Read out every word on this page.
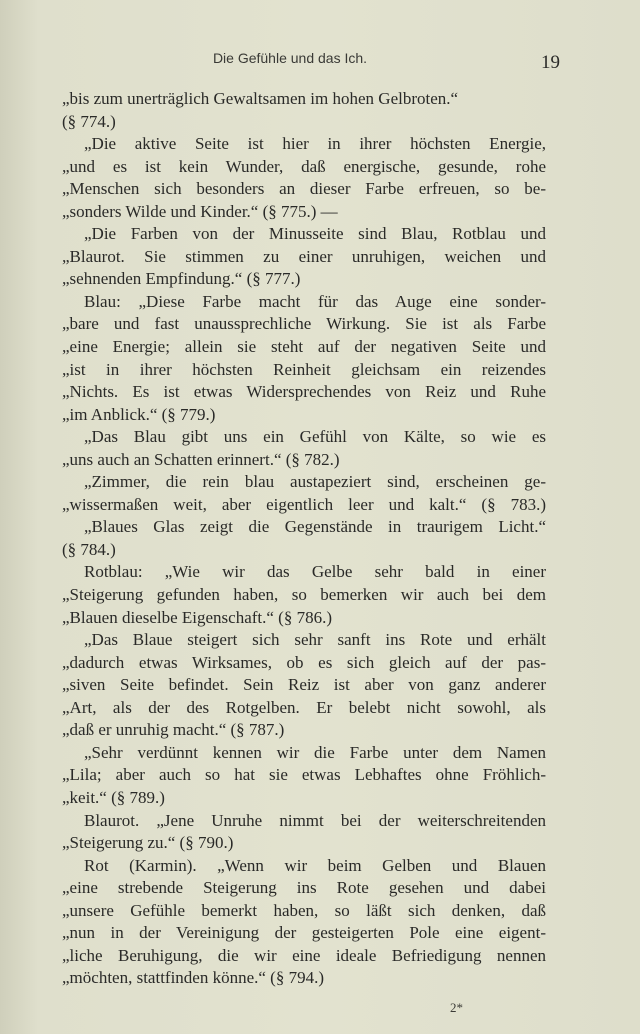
Die Gefühle und das Ich.	19
„bis zum unerträglich Gewaltsamen im hohen Gelbroten.“
(§ 774.)
„Die aktive Seite ist hier in ihrer höchsten Energie,
„und es ist kein Wunder, daß energische, gesunde, rohe
„Menschen sich besonders an dieser Farbe erfreuen, so be-
„sonders Wilde und Kinder.“ (§ 775.) —
„Die Farben von der Minusseite sind Blau, Rotblau und
„Blaurot. Sie stimmen zu einer unruhigen, weichen und
„sehnenden Empfindung.“ (§ 777.)
Blau: „Diese Farbe macht für das Auge eine sonder-
„bare und fast unaussprechliche Wirkung. Sie ist als Farbe
„eine Energie; allein sie steht auf der negativen Seite und
„ist in ihrer höchsten Reinheit gleichsam ein reizendes
„Nichts. Es ist etwas Widersprechendes von Reiz und Ruhe
„im Anblick.“ (§ 779.)
„Das Blau gibt uns ein Gefühl von Kälte, so wie es
„uns auch an Schatten erinnert.“ (§ 782.)
„Zimmer, die rein blau austapeziert sind, erscheinen ge-
„wissermaßen weit, aber eigentlich leer und kalt.“ (§ 783.)
„Blaues Glas zeigt die Gegenstände in traurigem Licht.“
(§ 784.)
Rotblau: „Wie wir das Gelbe sehr bald in einer
„Steigerung gefunden haben, so bemerken wir auch bei dem
„Blauen dieselbe Eigenschaft.“ (§ 786.)
„Das Blaue steigert sich sehr sanft ins Rote und erhält
„dadurch etwas Wirksames, ob es sich gleich auf der pas-
„siven Seite befindet. Sein Reiz ist aber von ganz anderer
„Art, als der des Rotgelben. Er belebt nicht sowohl, als
„daß er unruhig macht.“ (§ 787.)
„Sehr verdünnt kennen wir die Farbe unter dem Namen
„Lila; aber auch so hat sie etwas Lebhaftes ohne Fröhlich-
„keit.“ (§ 789.)
Blaurot. „Jene Unruhe nimmt bei der weiterschreitenden
„Steigerung zu.“ (§ 790.)
Rot (Karmin). „Wenn wir beim Gelben und Blauen
„eine strebende Steigerung ins Rote gesehen und dabei
„unsere Gefühle bemerkt haben, so läßt sich denken, daß
„nun in der Vereinigung der gesteigerten Pole eine eigent-
„liche Beruhigung, die wir eine ideale Befriedigung nennen
„möchten, stattfinden könne.“ (§ 794.)
2*
